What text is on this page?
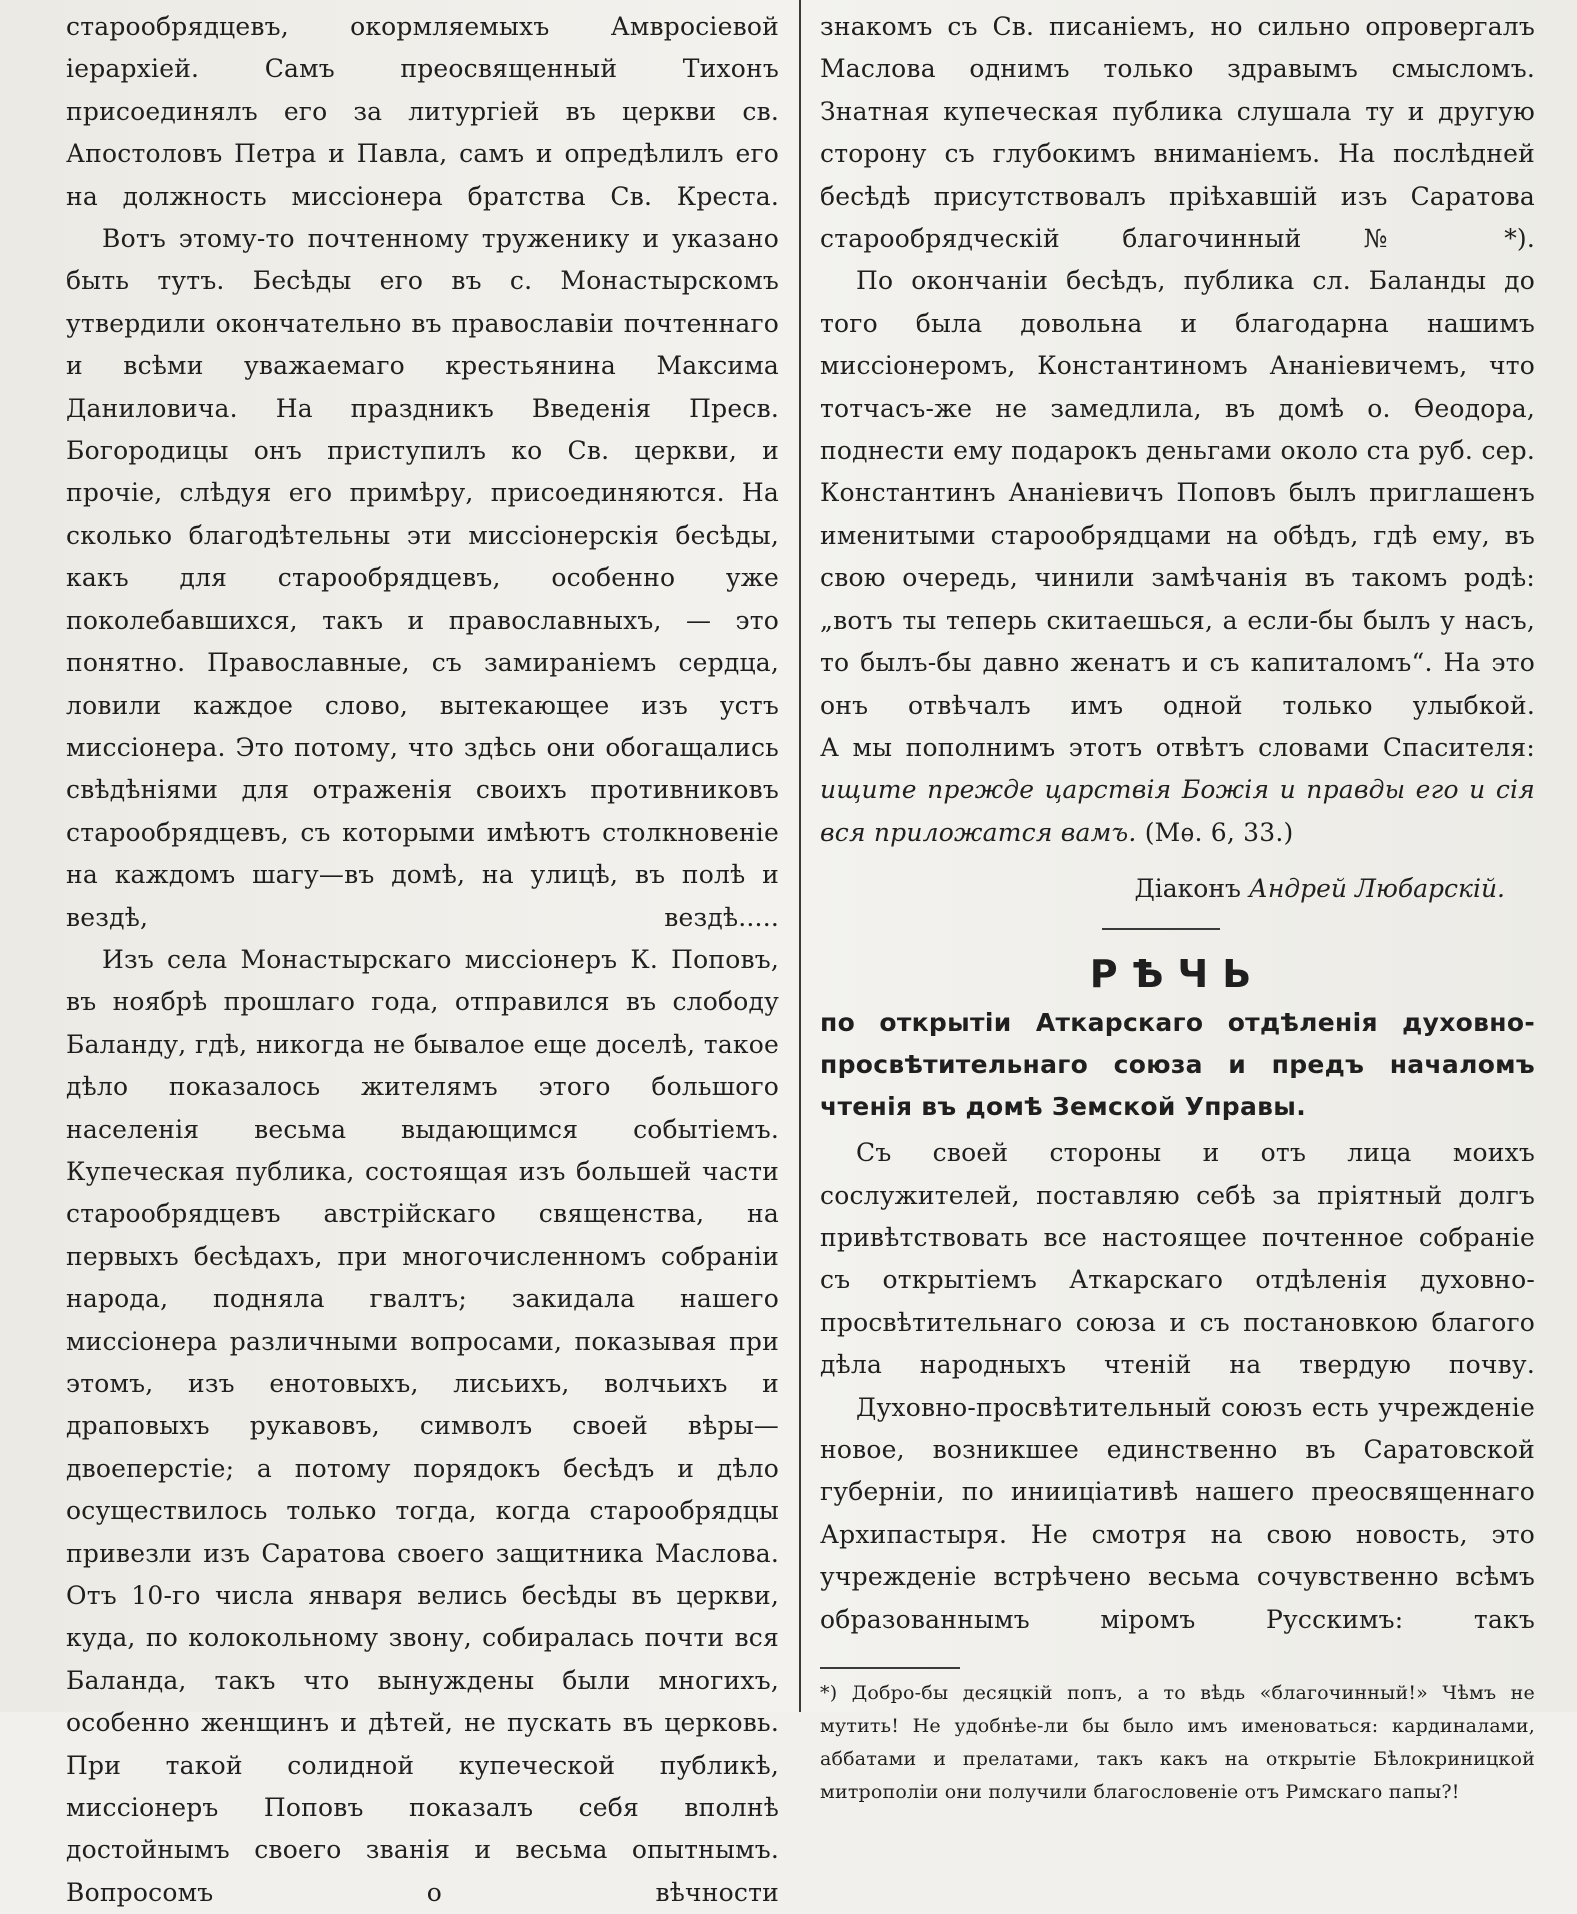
старообрядцевъ, окормляемыхъ Амвросіевой іерархіей. Самъ преосвященный Тихонъ присоединялъ его за литургіей въ церкви св. Апостоловъ Петра и Павла, самъ и опредѣлилъ его на должность миссіонера братства Св. Креста.

Вотъ этому-то почтенному труженику и указано быть тутъ. Бесѣды его въ с. Монастырскомъ утвердили окончательно въ православіи почтеннаго и всѣми уважаемаго крестьянина Максима Даниловича. На праздникъ Введенія Пресв. Богородицы онъ приступилъ ко Св. церкви, и прочіе, слѣдуя его примѣру, присоединяются. На сколько благодѣтельны эти миссіонерскія бесѣды, какъ для старообрядцевъ, особенно уже поколебавшихся, такъ и православныхъ, — это понятно. Православные, съ замираніемъ сердца, ловили каждое слово, вытекающее изъ устъ миссіонера. Это потому, что здѣсь они обогащались свѣдѣніями для отраженія своихъ противниковъ старообрядцевъ, съ которыми имѣютъ столкновеніе на каждомъ шагу—въ домѣ, на улицѣ, въ полѣ и вездѣ, вездѣ.....

Изъ села Монастырскаго миссіонеръ К. Поповъ, въ ноябрѣ прошлаго года, отправился въ слободу Баланду, гдѣ, никогда не бывалое еще доселѣ, такое дѣло показалось жителямъ этого большого населенія весьма выдающимся событіемъ. Купеческая публика, состоящая изъ большей части старообрядцевъ австрійскаго священства, на первыхъ бесѣдахъ, при многочисленномъ собраніи народа, подняла гвалтъ; закидала нашего миссіонера различными вопросами, показывая при этомъ, изъ енотовыхъ, лисьихъ, волчьихъ и драповыхъ рукавовъ, символъ своей вѣры—двоеперстіе; а потому порядокъ бесѣдъ и дѣло осуществилось только тогда, когда старообрядцы привезли изъ Саратова своего защитника Маслова. Отъ 10-го числа января велись бесѣды въ церкви, куда, по колокольному звону, собиралась почти вся Баланда, такъ что вынуждены были многихъ, особенно женщинъ и дѣтей, не пускать въ церковь. При такой солидной купеческой публикѣ, миссіонеръ Поповъ показалъ себя вполнѣ достойнымъ своего званія и весьма опытнымъ. Вопросомъ о вѣчности

знакомъ съ Св. писаніемъ, но сильно опровергалъ Маслова однимъ только здравымъ смысломъ. Знатная купеческая публика слушала ту и другую сторону съ глубокимъ вниманіемъ. На послѣдней бесѣдѣ присутствовалъ пріѣхавшій изъ Саратова старообрядческій благочинный № *).

По окончаніи бесѣдъ, публика сл. Баланды до того была довольна и благодарна нашимъ миссіонеромъ, Константиномъ Ананіевичемъ, что тотчасъ-же не замедлила, въ домѣ о. Ѳеодора, поднести ему подарокъ деньгами около ста руб. сер. Константинъ Ананіевичъ Поповъ былъ приглашенъ именитыми старообрядцами на обѣдъ, гдѣ ему, въ свою очередь, чинили замѣчанія въ такомъ родѣ: „вотъ ты теперь скитаешься, а если-бы былъ у насъ, то былъ-бы давно женатъ и съ капиталомъ“. На это онъ отвѣчалъ имъ одной только улыбкой.

А мы пополнимъ этотъ отвѣтъ словами Спасителя: ищите прежде царствія Божія и правды его и сія вся приложатся вамъ. (Мѳ. 6, 33.)

Діаконъ Андрей Любарскій.
РѢЧЬ

по открытіи Аткарскаго отдѣленія духовно-просвѣтительнаго союза и предъ началомъ чтенія въ домѣ Земской Управы.

Съ своей стороны и отъ лица моихъ сослужителей, поставляю себѣ за пріятный долгъ привѣтствовать все настоящее почтенное собраніе съ открытіемъ Аткарскаго отдѣленія духовно-просвѣтительнаго союза и съ постановкою благого дѣла народныхъ чтеній на твердую почву.

Духовно-просвѣтительный союзъ есть учрежденіе новое, возникшее единственно въ Саратовской губерніи, по инииціативѣ нашего преосвященнаго Архипастыря. Не смотря на свою новость, это учрежденіе встрѣчено весьма сочувственно всѣмъ образованнымъ міромъ Русскимъ: такъ

*) Добро-бы десяцкій попъ, а то вѣдь «благочинный!» Чѣмъ не мутить! Не удобнѣе-ли бы было имъ именоваться: кардиналами, аббатами и прелатами, такъ какъ на открытіе Бѣлокриницкой митрополіи они получили благословеніе отъ Римскаго папы?!
